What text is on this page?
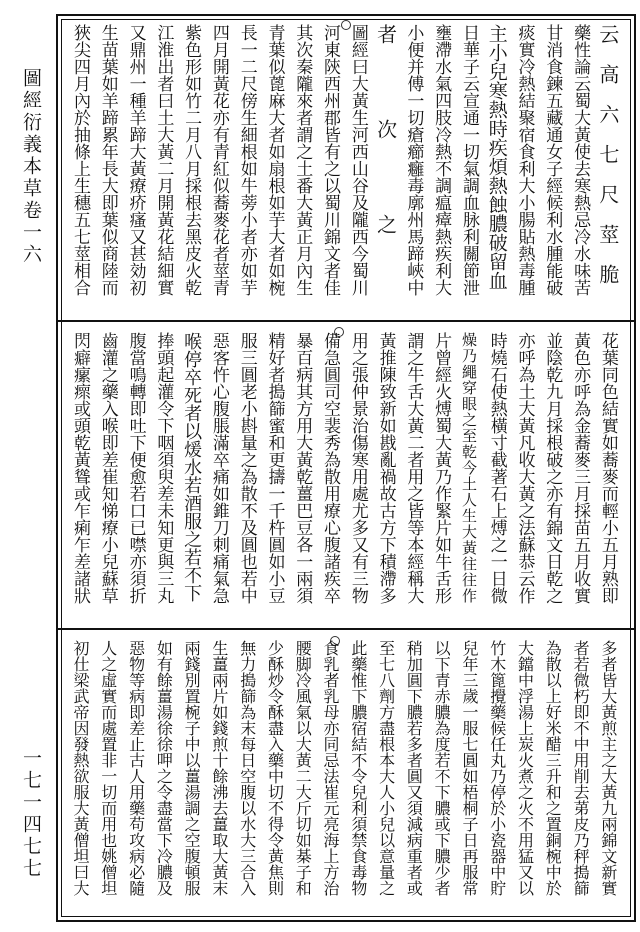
圖經衍義本草
卷一六
一七一四七七
云高六七尺莖脆
藥性論云蜀大黃使去寒熱忌冷水味苦
甘消食鍊五藏通女子經候利水腫能破
痰實冷熱結聚宿食利大小腸貼熱毒腫
主小兒寒熱時疾煩熱蝕膿破留血
日華子云宣通一切氣調血脉利關節泄
壅滯水氣四肢冷熱不調瘟瘴熱疾利大
小便并傅一切瘡癤癰毒廓州馬蹄峽中
者次之
圖經曰大黃生河西山谷及隴西今蜀川
河東陝西州郡皆有之以蜀川錦文者佳
其次秦隴來者謂之土番大黃正月內生
青葉似蓖麻大者如扇根如芋大者如椀
長一二尺傍生細根如牛蒡小者亦如芋
四月開黃花亦有青紅似蕎麥花者莖青
紫色形如竹二月八月採根去黑皮火乾
江淮出者曰土大黃二月開黃花結細實
又鼎州一種羊蹄大黃療疥瘙又甚効初
生苗葉如羊蹄累年長大即葉似商陸而
狹尖四月內於抽條上生穗五七莖相合
花葉同色結實如蕎麥而輕小五月熟即
黃色亦呼為金蕎麥三月採苗五月收實
並陰乾九月採根破之亦有錦文日乾之
亦呼為土大黃凡收大黃之法蘇恭云作
時燒石使熱橫寸截著石上煿之一日微
燥乃繩穿眼之至乾今土人生大黃往往作
片曾經火煿蜀大黃乃作緊片如牛舌形
謂之牛舌大黃二者用之皆等本經稱大
黃推陳致新如戡亂禍故古方下積滯多
用之張仲景治傷寒用處尤多又有三物
備急圓司空裴秀為散用療心腹諸疾卒
暴百病其方用大黃乾薑巴豆各一兩須
精好者搗篩蜜和更擣一千杵圓如小豆
服三圓老小斟量之為散不及圓也若中
惡客忤心腹脹滿卒痛如錐刀刺痛氣急
喉停卒死者以煖水若酒服之若不下
捧頭起灌令下咽須臾差未知更與三丸
腹當鳴轉即吐下便愈若口已噤亦須折
齒灌之藥入喉即差崔知悌療小兒蘇草
閃癖瘰瘝或頭乾黃聳或乍痢乍差諸狀
多者皆大黃煎主之大黃九兩錦文新實
者若微朽即不中用削去苐皮乃秤搗篩
為散以上好米醋三升和之置銅椀中於
大鐺中浮湯上炭火煮之火不用猛又以
竹木篦攪藥候任丸乃停於小瓷器中貯
兒年三歲一服七圓如梧桐子日再服常
以下青赤膿為度若不下膿或下膿少者
稍加圓下膿若多者圓又須減病重者或
至七八劑方盡根本大人小兒以意量之
此藥惟下膿宿結不令兒利須禁食毒物
食乳者乳母亦同忌法崔元亮海上方治
腰脚冷風氣以大黃二大斤切如棊子和
少酥炒令酥盡入藥中切不得令黃焦則
無力搗篩為末每日空腹以水大三合入
生薑兩片如錢煎十餘沸去薑取大黃末
兩錢別置椀子中以薑湯調之空腹頓服
如有餘薑湯徐徐呷之令盡當下冷膿及
惡物等病即差止古人用藥苟攻病必隨
人之虛實而處置非一切而用也姚僧坦
初仕梁武帝因發熱欲服大黃僧坦曰大
